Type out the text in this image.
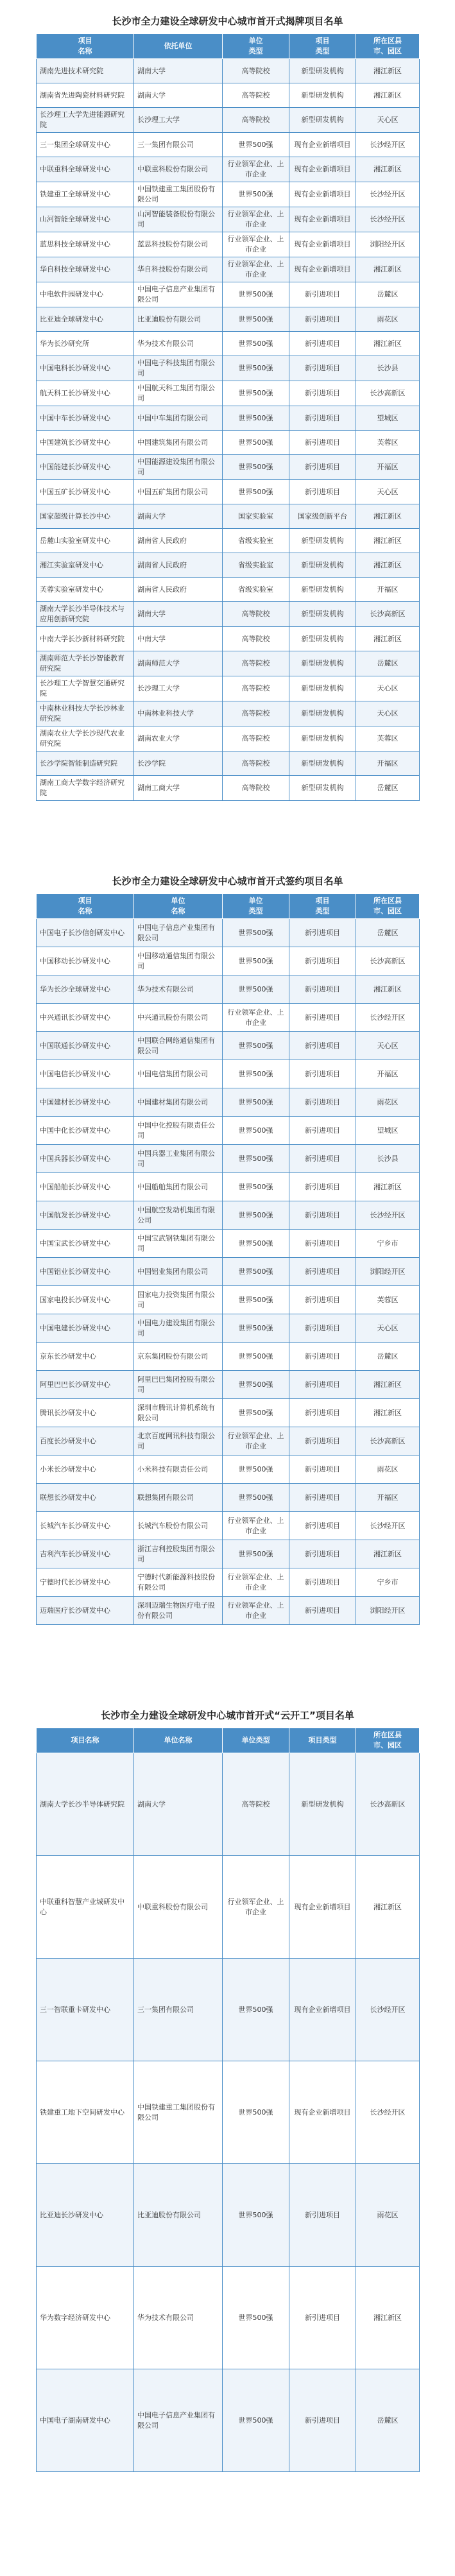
长沙市全力建设全球研发中心城市首开式揭牌项目名单
项目
名称	依托单位	单位
类型	项目
类型	所在区县
市、园区
湖南先进技术研究院	湖南大学	高等院校	新型研发机构	湘江新区
湖南省先进陶瓷材料研究院	湖南大学	高等院校	新型研发机构	湘江新区
长沙理工大学先进能源研究院	长沙理工大学	高等院校	新型研发机构	天心区
三一集团全球研发中心	三一集团有限公司	世界500强	现有企业新增项目	长沙经开区
中联重科全球研发中心	中联重科股份有限公司	行业领军企业、上市企业	现有企业新增项目	湘江新区
铁建重工全球研发中心	中国铁建重工集团股份有限公司	世界500强	现有企业新增项目	长沙经开区
山河智能全球研发中心	山河智能装备股份有限公司	行业领军企业、上市企业	现有企业新增项目	长沙经开区
蓝思科技全球研发中心	蓝思科技股份有限公司	行业领军企业、上市企业	现有企业新增项目	浏阳经开区
华自科技全球研发中心	华自科技股份有限公司	行业领军企业、上市企业	现有企业新增项目	湘江新区
中电软件园研发中心	中国电子信息产业集团有限公司	世界500强	新引进项目	岳麓区
比亚迪全球研发中心	比亚迪股份有限公司	世界500强	新引进项目	雨花区
华为长沙研究所	华为技术有限公司	世界500强	新引进项目	湘江新区
中国电科长沙研发中心	中国电子科技集团有限公司	世界500强	新引进项目	长沙县
航天科工长沙研发中心	中国航天科工集团有限公司	世界500强	新引进项目	长沙高新区
中国中车长沙研发中心	中国中车集团有限公司	世界500强	新引进项目	望城区
中国建筑长沙研发中心	中国建筑集团有限公司	世界500强	新引进项目	芙蓉区
中国能建长沙研发中心	中国能源建设集团有限公司	世界500强	新引进项目	开福区
中国五矿长沙研发中心	中国五矿集团有限公司	世界500强	新引进项目	天心区
国家超级计算长沙中心	湖南大学	国家实验室	国家级创新平台	湘江新区
岳麓山实验室研发中心	湖南省人民政府	省级实验室	新型研发机构	湘江新区
湘江实验室研发中心	湖南省人民政府	省级实验室	新型研发机构	湘江新区
芙蓉实验室研发中心	湖南省人民政府	省级实验室	新型研发机构	开福区
湖南大学长沙半导体技术与应用创新研究院	湖南大学	高等院校	新型研发机构	长沙高新区
中南大学长沙新材料研究院	中南大学	高等院校	新型研发机构	湘江新区
湖南师范大学长沙智能教育研究院	湖南师范大学	高等院校	新型研发机构	岳麓区
长沙理工大学智慧交通研究院	长沙理工大学	高等院校	新型研发机构	天心区
中南林业科技大学长沙林业研究院	中南林业科技大学	高等院校	新型研发机构	天心区
湖南农业大学长沙现代农业研究院	湖南农业大学	高等院校	新型研发机构	芙蓉区
长沙学院智能制造研究院	长沙学院	高等院校	新型研发机构	开福区
湖南工商大学数字经济研究院	湖南工商大学	高等院校	新型研发机构	岳麓区
长沙市全力建设全球研发中心城市首开式签约项目名单
项目
名称	单位
名称	单位
类型	项目
类型	所在区县
市、园区
中国电子长沙信创研发中心	中国电子信息产业集团有限公司	世界500强	新引进项目	岳麓区
中国移动长沙研发中心	中国移动通信集团有限公司	世界500强	新引进项目	长沙高新区
华为长沙全球研发中心	华为技术有限公司	世界500强	新引进项目	湘江新区
中兴通讯长沙研发中心	中兴通讯股份有限公司	行业领军企业、上市企业	新引进项目	长沙经开区
中国联通长沙研发中心	中国联合网络通信集团有限公司	世界500强	新引进项目	天心区
中国电信长沙研发中心	中国电信集团有限公司	世界500强	新引进项目	开福区
中国建材长沙研发中心	中国建材集团有限公司	世界500强	新引进项目	雨花区
中国中化长沙研发中心	中国中化控股有限责任公司	世界500强	新引进项目	望城区
中国兵器长沙研发中心	中国兵器工业集团有限公司	世界500强	新引进项目	长沙县
中国船舶长沙研发中心	中国船舶集团有限公司	世界500强	新引进项目	湘江新区
中国航发长沙研发中心	中国航空发动机集团有限公司	世界500强	新引进项目	长沙经开区
中国宝武长沙研发中心	中国宝武钢铁集团有限公司	世界500强	新引进项目	宁乡市
中国铝业长沙研发中心	中国铝业集团有限公司	世界500强	新引进项目	浏阳经开区
国家电投长沙研发中心	国家电力投资集团有限公司	世界500强	新引进项目	芙蓉区
中国电建长沙研发中心	中国电力建设集团有限公司	世界500强	新引进项目	天心区
京东长沙研发中心	京东集团股份有限公司	世界500强	新引进项目	岳麓区
阿里巴巴长沙研发中心	阿里巴巴集团控股有限公司	世界500强	新引进项目	湘江新区
腾讯长沙研发中心	深圳市腾讯计算机系统有限公司	世界500强	新引进项目	湘江新区
百度长沙研发中心	北京百度网讯科技有限公司	行业领军企业、上市企业	新引进项目	长沙高新区
小米长沙研发中心	小米科技有限责任公司	世界500强	新引进项目	雨花区
联想长沙研发中心	联想集团有限公司	世界500强	新引进项目	开福区
长城汽车长沙研发中心	长城汽车股份有限公司	行业领军企业、上市企业	新引进项目	长沙经开区
吉利汽车长沙研发中心	浙江吉利控股集团有限公司	世界500强	新引进项目	湘江新区
宁德时代长沙研发中心	宁德时代新能源科技股份有限公司	行业领军企业、上市企业	新引进项目	宁乡市
迈瑞医疗长沙研发中心	深圳迈瑞生物医疗电子股份有限公司	行业领军企业、上市企业	新引进项目	浏阳经开区
长沙市全力建设全球研发中心城市首开式“云开工”项目名单
项目名称	单位名称	单位类型	项目类型	所在区县
市、园区
湖南大学长沙半导体研究院	湖南大学	高等院校	新型研发机构	长沙高新区
中联重科智慧产业城研发中心	中联重科股份有限公司	行业领军企业、上市企业	现有企业新增项目	湘江新区
三一智联重卡研发中心	三一集团有限公司	世界500强	现有企业新增项目	长沙经开区
铁建重工地下空间研发中心	中国铁建重工集团股份有限公司	世界500强	现有企业新增项目	长沙经开区
比亚迪长沙研发中心	比亚迪股份有限公司	世界500强	新引进项目	雨花区
华为数字经济研发中心	华为技术有限公司	世界500强	新引进项目	湘江新区
中国电子湖南研发中心	中国电子信息产业集团有限公司	世界500强	新引进项目	岳麓区
